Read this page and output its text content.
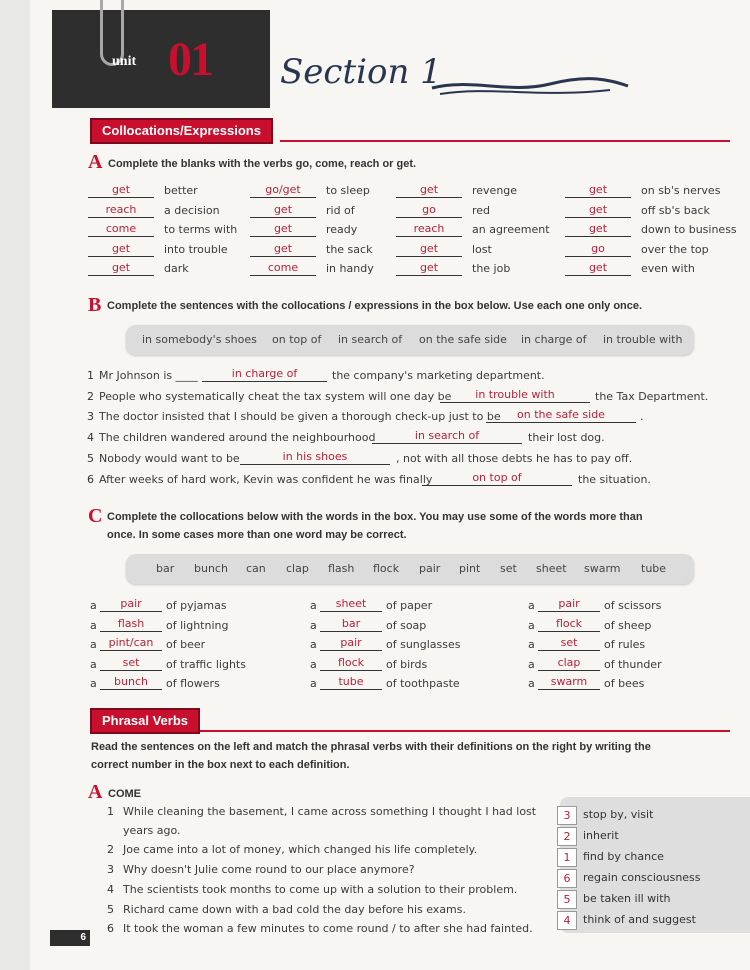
unit 01 Section 1
Collocations/Expressions
A Complete the blanks with the verbs go, come, reach or get.
get	better
reach	a decision
come	to terms with
get	into trouble
get	dark
go/get	to sleep
get	rid of
get	ready
get	the sack
come	in handy
get	revenge
go	red
reach	an agreement
get	lost
get	the job
get	on sb's nerves
get	off sb's back
get	down to business
go	over the top
get	even with
B Complete the sentences with the collocations / expressions in the box below. Use each one only once.
in somebody's shoes on top of in search of on the safe side in charge of in trouble with
1 Mr Johnson is ____	in charge of	the company's marketing department.
2 People who systematically cheat the tax system will one day be	in trouble with	the Tax Department.
3 The doctor insisted that I should be given a thorough check-up just to be	on the safe side	.
4 The children wandered around the neighbourhood	in search of	their lost dog.
5 Nobody would want to be	in his shoes	, not with all those debts he has to pay off.
6 After weeks of hard work, Kevin was confident he was finally	on top of	the situation.
C Complete the collocations below with the words in the box. You may use some of the words more than
once. In some cases more than one word may be correct.
bar bunch can clap flash flock pair pint set sheet swarm tube
a	pair	of pyjamas
a	flash	of lightning
a	pint/can	of beer
a	set	of traffic lights
a	bunch	of flowers
a	sheet	of paper
a	bar	of soap
a	pair	of sunglasses
a	flock	of birds
a	tube	of toothpaste
a	pair	of scissors
a	flock	of sheep
a	set	of rules
a	clap	of thunder
a	swarm	of bees
Phrasal Verbs
Read the sentences on the left and match the phrasal verbs with their definitions on the right by writing the
correct number in the box next to each definition.
A COME
1 While cleaning the basement, I came across something I thought I had lost
years ago.
2 Joe came into a lot of money, which changed his life completely.
3 Why doesn't Julie come round to our place anymore?
4 The scientists took months to come up with a solution to their problem.
5 Richard came down with a bad cold the day before his exams.
6 It took the woman a few minutes to come round / to after she had fainted.
3	stop by, visit
2	inherit
1	find by chance
6	regain consciousness
5	be taken ill with
4	think of and suggest
6
